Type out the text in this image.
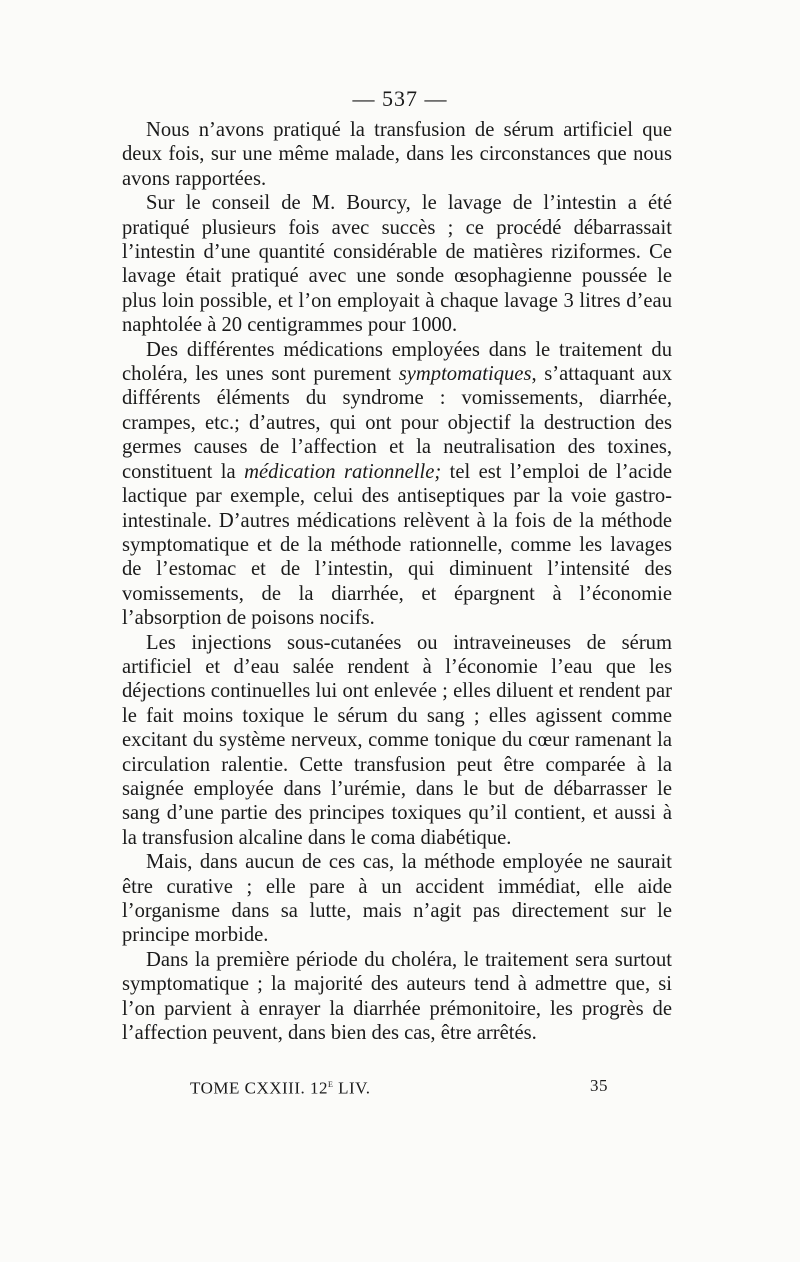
— 537 —

Nous n’avons pratiqué la transfusion de sérum artificiel que deux fois, sur une même malade, dans les circonstances que nous avons rapportées.

Sur le conseil de M. Bourcy, le lavage de l’intestin a été pratiqué plusieurs fois avec succès ; ce procédé débarrassait l’intestin d’une quantité considérable de matières riziformes. Ce lavage était pratiqué avec une sonde œsophagienne poussée le plus loin possible, et l’on employait à chaque lavage 3 litres d’eau naphtolée à 20 centigrammes pour 1000.

Des différentes médications employées dans le traitement du choléra, les unes sont purement symptomatiques, s’attaquant aux différents éléments du syndrome : vomissements, diarrhée, crampes, etc.; d’autres, qui ont pour objectif la destruction des germes causes de l’affection et la neutralisation des toxines, constituent la médication rationnelle; tel est l’emploi de l’acide lactique par exemple, celui des antiseptiques par la voie gastro-intestinale. D’autres médications relèvent à la fois de la méthode symptomatique et de la méthode rationnelle, comme les lavages de l’estomac et de l’intestin, qui diminuent l’intensité des vomissements, de la diarrhée, et épargnent à l’économie l’absorption de poisons nocifs.

Les injections sous-cutanées ou intraveineuses de sérum artificiel et d’eau salée rendent à l’économie l’eau que les déjections continuelles lui ont enlevée ; elles diluent et rendent par le fait moins toxique le sérum du sang ; elles agissent comme excitant du système nerveux, comme tonique du cœur ramenant la circulation ralentie. Cette transfusion peut être comparée à la saignée employée dans l’urémie, dans le but de débarrasser le sang d’une partie des principes toxiques qu’il contient, et aussi à la transfusion alcaline dans le coma diabétique.

Mais, dans aucun de ces cas, la méthode employée ne saurait être curative ; elle pare à un accident immédiat, elle aide l’organisme dans sa lutte, mais n’agit pas directement sur le principe morbide.

Dans la première période du choléra, le traitement sera surtout symptomatique ; la majorité des auteurs tend à admettre que, si l’on parvient à enrayer la diarrhée prémonitoire, les progrès de l’affection peuvent, dans bien des cas, être arrêtés.

TOME CXXIII. 12e LIV.	35
